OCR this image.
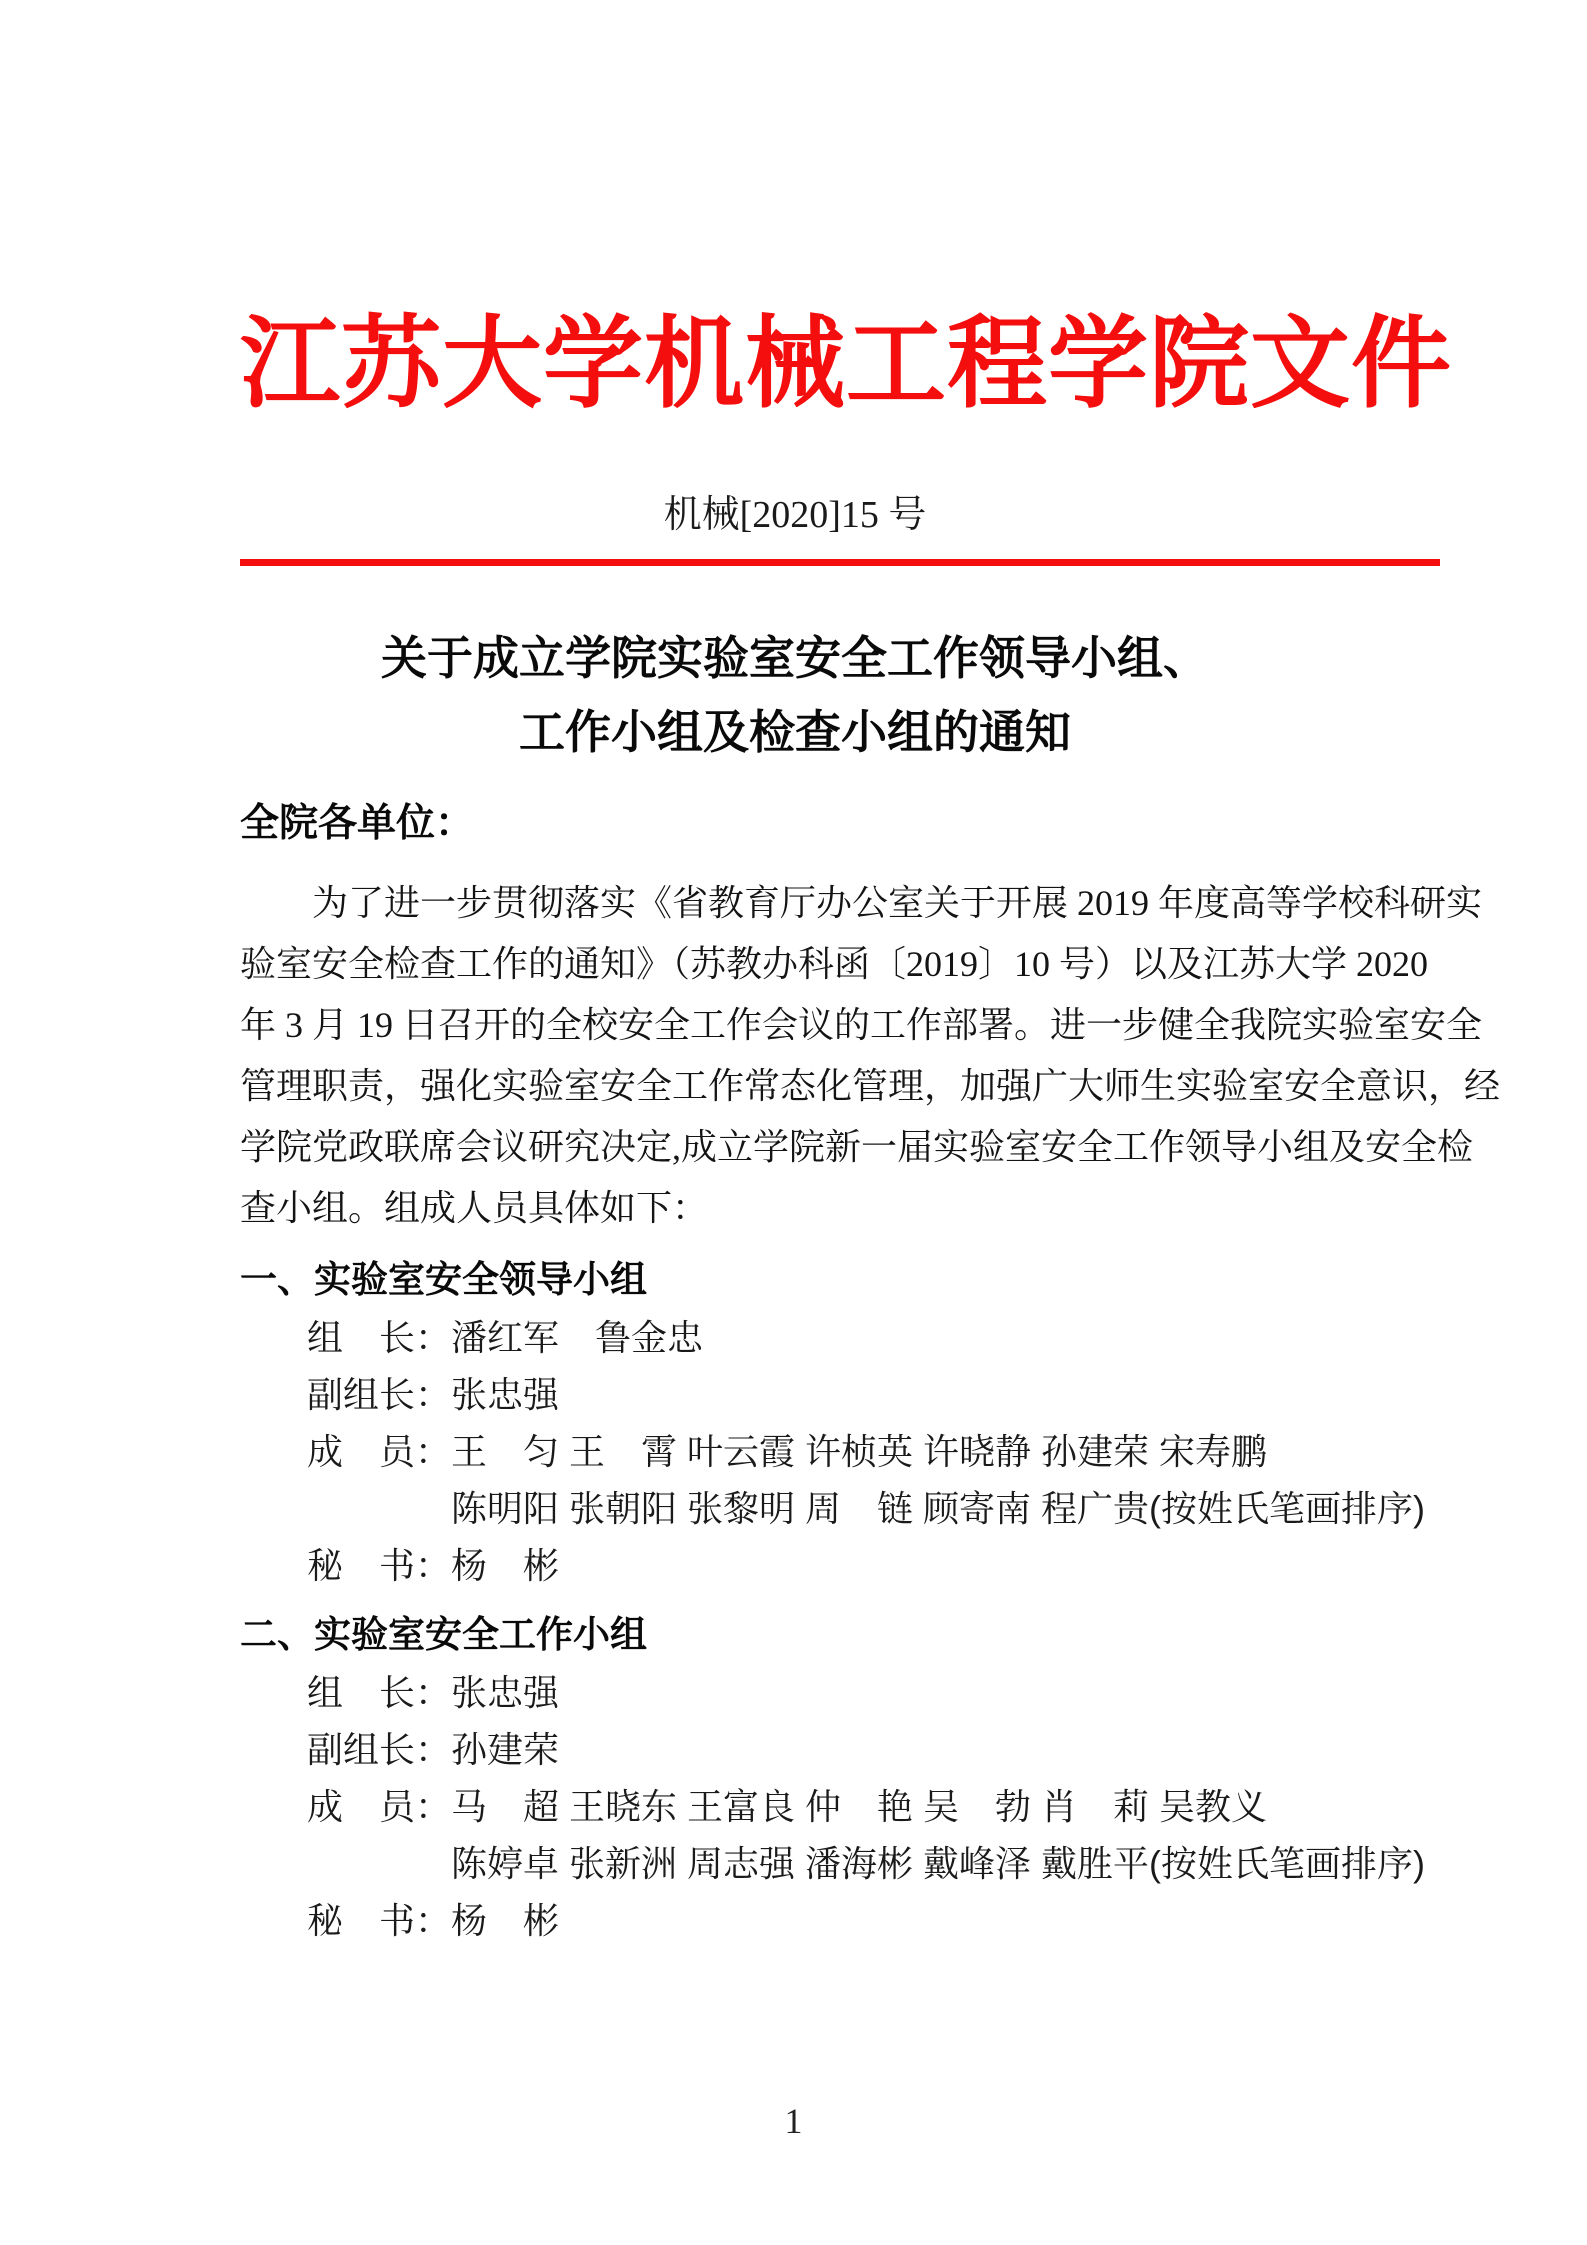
江苏大学机械工程学院文件
机械[2020]15 号
关于成立学院实验室安全工作领导小组、
工作小组及检查小组的通知
全院各单位：
为了进一步贯彻落实《省教育厅办公室关于开展 2019 年度高等学校科研实
验室安全检查工作的通知》（苏教办科函〔2019〕10 号）以及江苏大学 2020
年 3 月 19 日召开的全校安全工作会议的工作部署。进一步健全我院实验室安全
管理职责，强化实验室安全工作常态化管理，加强广大师生实验室安全意识，经
学院党政联席会议研究决定,成立学院新一届实验室安全工作领导小组及安全检
查小组。组成人员具体如下：
一、实验室安全领导小组
组　长： 潘红军　鲁金忠
副组长： 张忠强
成　员： 王　匀 王　霄 叶云霞 许桢英 许晓静 孙建荣 宋寿鹏
陈明阳 张朝阳 张黎明 周　链 顾寄南 程广贵(按姓氏笔画排序)
秘　书： 杨　彬
二、实验室安全工作小组
组　长： 张忠强
副组长： 孙建荣
成　员： 马　超 王晓东 王富良 仲　艳 吴　勃 肖　莉 吴教义
陈婷卓 张新洲 周志强 潘海彬 戴峰泽 戴胜平(按姓氏笔画排序)
秘　书： 杨　彬
1
